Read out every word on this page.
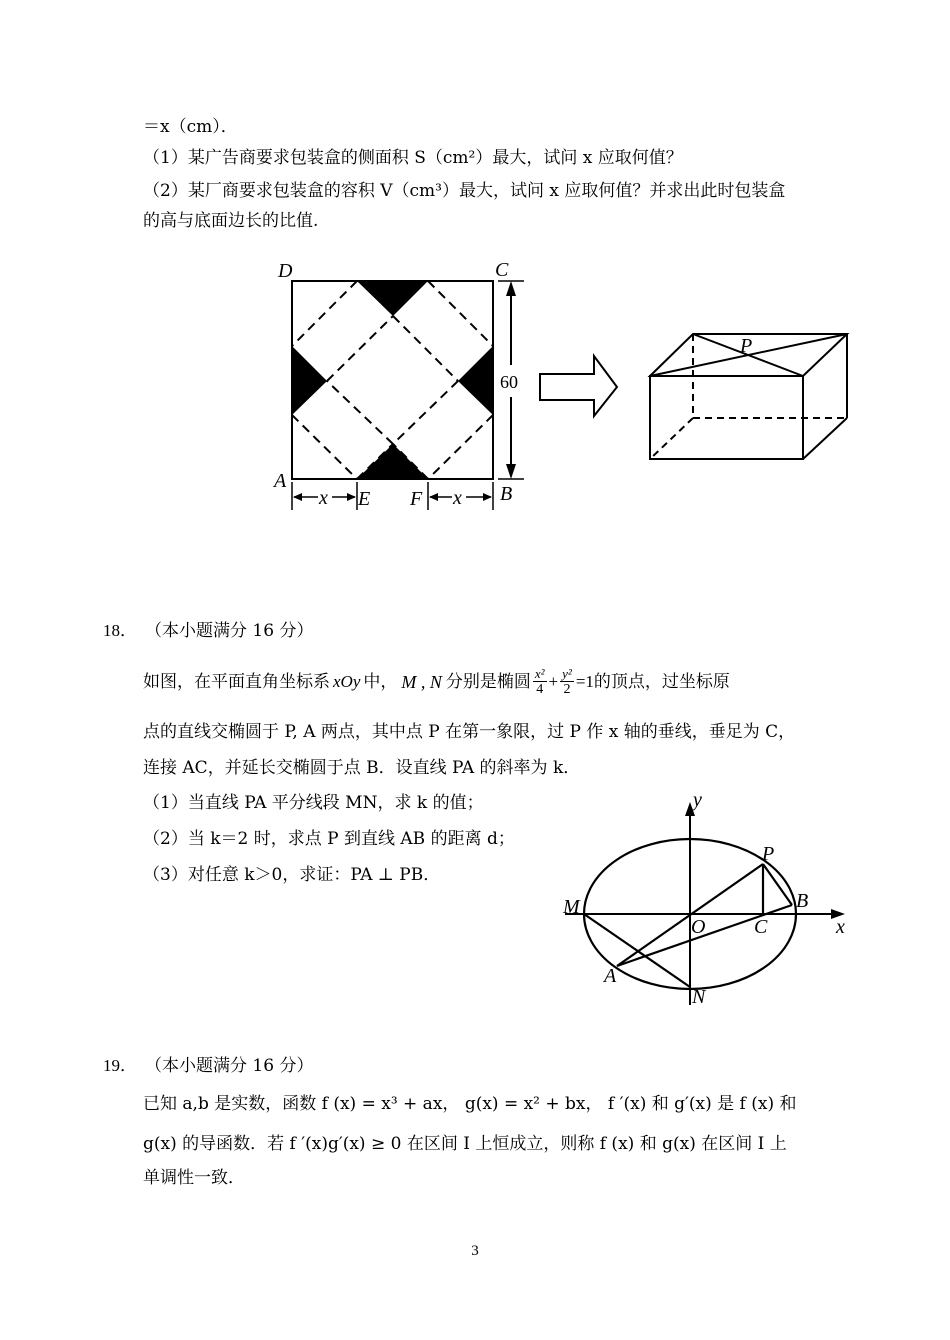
＝x（cm）．
（1）某广告商要求包装盒的侧面积 S（cm²）最大，试问 x 应取何值？
（2）某厂商要求包装盒的容积 V（cm³）最大，试问 x 应取何值？并求出此时包装盒
的高与底面边长的比值.
60
x	x
D	C
A
B
E F
P
18． （本小题满分 16 分）
如图，在平面直角坐标系 xOy 中， M , N 分别是椭圆 $\frac{\text{x²}}{4} + \frac{\text{y²}}{2} =1$ 的顶点，过坐标原
点的直线交椭圆于 P, A 两点，其中点 P 在第一象限，过 P 作 x 轴的垂线，垂足为 C，
连接 AC，并延长交椭圆于点 B．设直线 PA 的斜率为 k．
（1）当直线 PA 平分线段 MN，求 k 的值；
（2）当 k＝2 时，求点 P 到直线 AB 的距离 d；
（3）对任意 k＞0，求证：PA ⊥ PB．
y
x
P
M	B
O C
A
N
19． （本小题满分 16 分）
已知 a,b 是实数，函数 f (x) = x³ + ax， g(x) = x² + bx， f ′(x) 和 g′(x) 是 f (x) 和
g(x) 的导函数．若 f ′(x)g′(x) ≥ 0 在区间 I 上恒成立，则称 f (x) 和 g(x) 在区间 I 上
单调性一致．
3
